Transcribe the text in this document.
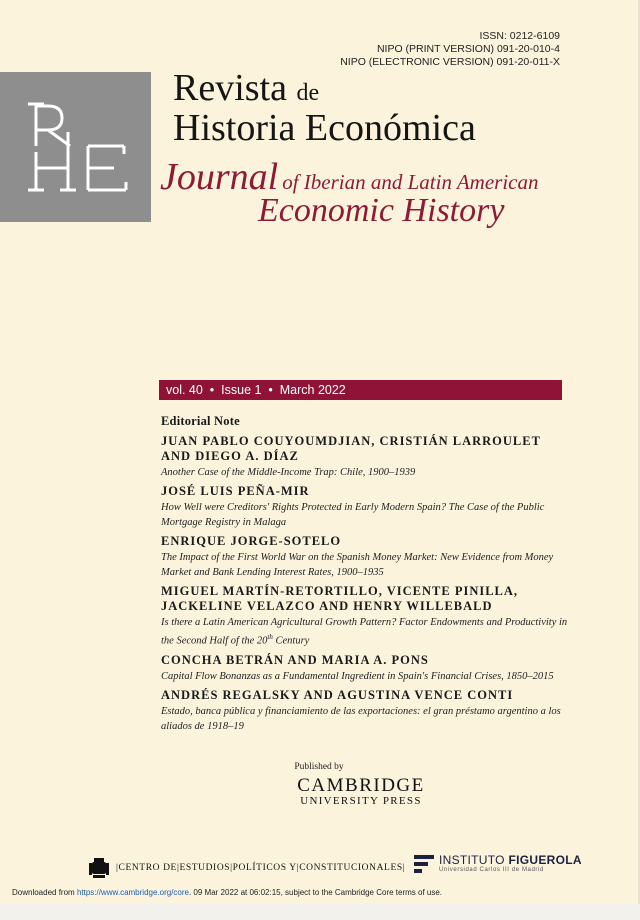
ISSN: 0212-6109
NIPO (PRINT VERSION) 091-20-010-4
NIPO (ELECTRONIC VERSION) 091-20-011-X
Revista de
Historia Económica
Journal of Iberian and Latin American
Economic History
vol. 40 • Issue 1 • March 2022
Editorial Note
JUAN PABLO COUYOUMDJIAN, CRISTIÁN LARROULET AND DIEGO A. DÍAZ
Another Case of the Middle-Income Trap: Chile, 1900–1939
JOSÉ LUIS PEÑA-MIR
How Well were Creditors' Rights Protected in Early Modern Spain? The Case of the Public Mortgage Registry in Malaga
ENRIQUE JORGE-SOTELO
The Impact of the First World War on the Spanish Money Market: New Evidence from Money Market and Bank Lending Interest Rates, 1900–1935
MIGUEL MARTÍN-RETORTILLO, VICENTE PINILLA, JACKELINE VELAZCO AND HENRY WILLEBALD
Is there a Latin American Agricultural Growth Pattern? Factor Endowments and Productivity in the Second Half of the 20th Century
CONCHA BETRÁN AND MARIA A. PONS
Capital Flow Bonanzas as a Fundamental Ingredient in Spain's Financial Crises, 1850–2015
ANDRÉS REGALSKY AND AGUSTINA VENCE CONTI
Estado, banca pública y financiamiento de las exportaciones: el gran préstamo argentino a los aliados de 1918–19
Published by
CAMBRIDGE
UNIVERSITY PRESS
|CENTRO DE|ESTUDIOS|POLÍTICOS Y|CONSTITUCIONALES|
INSTITUTO FIGUEROLA
Universidad Carlos III de Madrid
Downloaded from https://www.cambridge.org/core. 09 Mar 2022 at 06:02:15, subject to the Cambridge Core terms of use.
